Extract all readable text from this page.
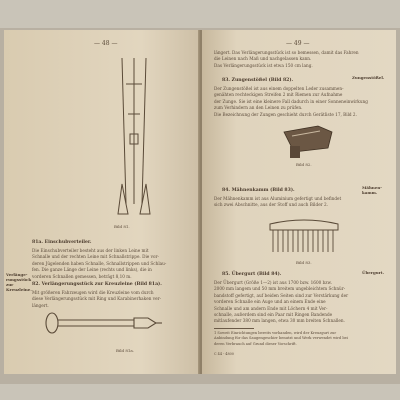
— 48 —
Bild 81.
81a. Einschubverteiler.
Die Einschubverteiler besteht aus der linken Leine mit
Schnalle und der rechten Leine mit Schnallstrippe. Die vor-
deren Jügelenden haben Schnalle, Schnallstrippen und Schlau-
fen. Die ganze Länge der Leine (rechts und links), die in
vorderen Schnallen gemessen, beträgt 8,10 m.
Verlänge- rungsstück zur Kreuzleine.
82. Verlängerungsstück zur Kreuzleine (Bild 81a).
Mit größeren Fahrzeugen wird die Kreuzleine vom durch
diese Verlängerungsstück mit Ring und Karabinerhaken ver-
längert.
Bild 81a.
— 49 —
längert. Das Verlängerungsstück ist so bemessen, damit das Fahren
die Leinen nach Maß und nachgelassen kann.
Das Verlängerungsstück ist etwa 150 cm lang.
83. Zungenstößel (Bild 82).
Zungenstößel.
Der Zungenstößel ist aus einem doppelten Leder zusammen-
genähten rechteckigen Streifen 2 mit Riemen zur Aufnahme
der Zunge. Sie ist eine kleinere Fall dadurch in einer Sonneneinwirkung
zum Verhindern an den Leinen zu prüfen.
Die Bezeichnung der Zungen geschieht durch Gerätliste 17, Bild 2.
Bild 82.
84. Mähnenkamm (Bild 83).
Mähnen- kamm.
Der Mähnenkamm ist aus Aluminium gefertigt und befindet
sich zwei Abschnitte, aus der Stoff und auch Bilder 2.
Bild 83.
85. Übergurt (Bild 84).	Übergurt.
Der Übergurt (Größe 1—2) ist aus 1700 bzw. 1600 bzw.
2000 mm langem und 50 mm breitem ungebleichtem Schnür-
bandstoff gefertigt, auf beiden Seiten sind zur Verstärkung der
vorderen Schnalle ein Auge und an einem Ende eine
Schnalle und am andern Ende mit Löchern 4 mit Ver-
schnalle, außerdem sind ein Paar mit Ringen Bandende
mitlaufender 380 mm langen, etwa 30 mm breiten Schnallen.
1 Soweit Einrichtungen bereits vorhanden, wird der Kreuzgurt zur
Anbindung für das Saugengeschirr benutzt und Werk verwendet wird bei
deren Verbrauch auf Grund dieser Vorschrift.
C 44 - 4800
